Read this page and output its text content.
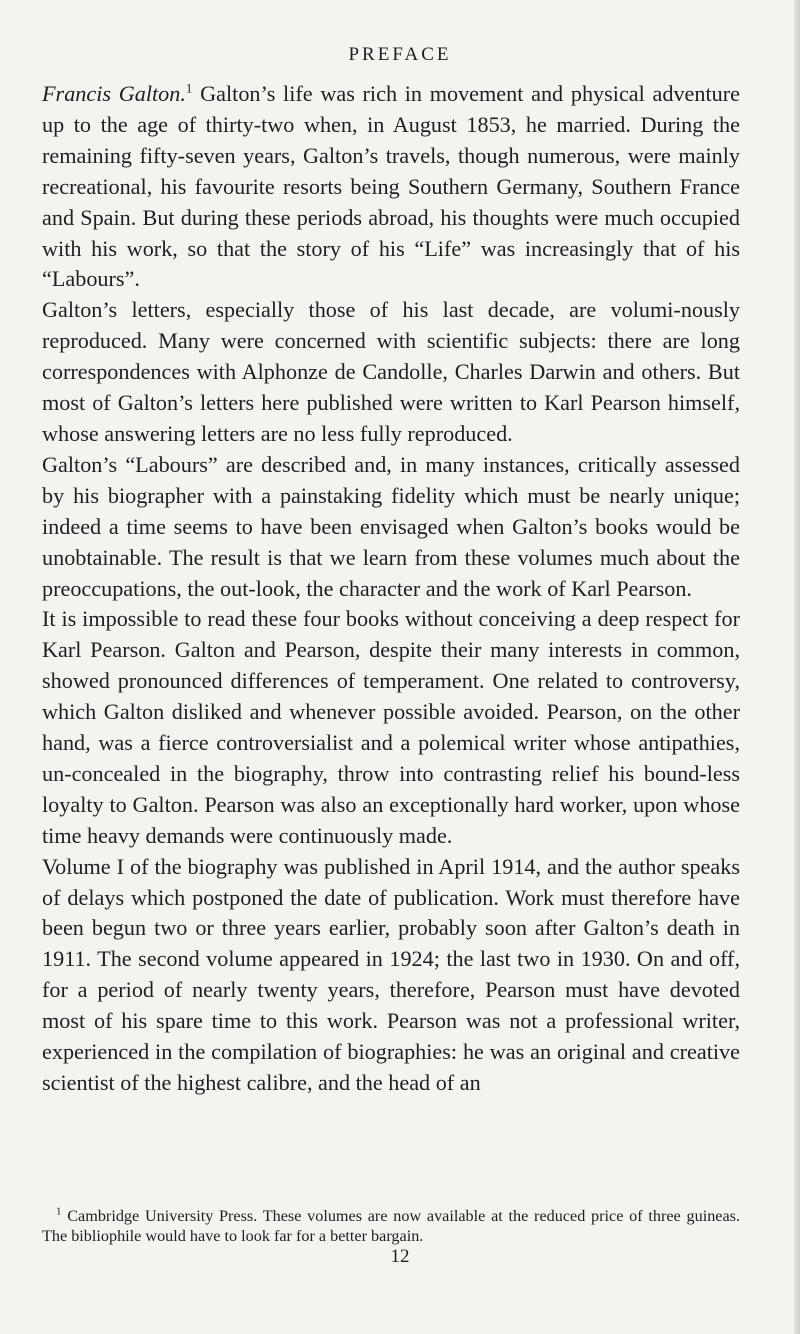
PREFACE

Francis Galton.$^1$ Galton’s life was rich in movement and physical adventure up to the age of thirty-two when, in August 1853, he married. During the remaining fifty-seven years, Galton’s travels, though numerous, were mainly recreational, his favourite resorts being Southern Germany, Southern France and Spain. But during these periods abroad, his thoughts were much occupied with his work, so that the story of his “Life” was increasingly that of his “Labours”.

Galton’s letters, especially those of his last decade, are volumi-nously reproduced. Many were concerned with scientific subjects: there are long correspondences with Alphonze de Candolle, Charles Darwin and others. But most of Galton’s letters here published were written to Karl Pearson himself, whose answering letters are no less fully reproduced.

Galton’s “Labours” are described and, in many instances, critically assessed by his biographer with a painstaking fidelity which must be nearly unique; indeed a time seems to have been envisaged when Galton’s books would be unobtainable. The result is that we learn from these volumes much about the preoccupations, the out-look, the character and the work of Karl Pearson.

It is impossible to read these four books without conceiving a deep respect for Karl Pearson. Galton and Pearson, despite their many interests in common, showed pronounced differences of temperament. One related to controversy, which Galton disliked and whenever possible avoided. Pearson, on the other hand, was a fierce controversialist and a polemical writer whose antipathies, un-concealed in the biography, throw into contrasting relief his bound-less loyalty to Galton. Pearson was also an exceptionally hard worker, upon whose time heavy demands were continuously made.

Volume I of the biography was published in April 1914, and the author speaks of delays which postponed the date of publication. Work must therefore have been begun two or three years earlier, probably soon after Galton’s death in 1911. The second volume appeared in 1924; the last two in 1930. On and off, for a period of nearly twenty years, therefore, Pearson must have devoted most of his spare time to this work. Pearson was not a professional writer, experienced in the compilation of biographies: he was an original and creative scientist of the highest calibre, and the head of an

$^1$ Cambridge University Press. These volumes are now available at the reduced price of three guineas. The bibliophile would have to look far for a better bargain.

12
